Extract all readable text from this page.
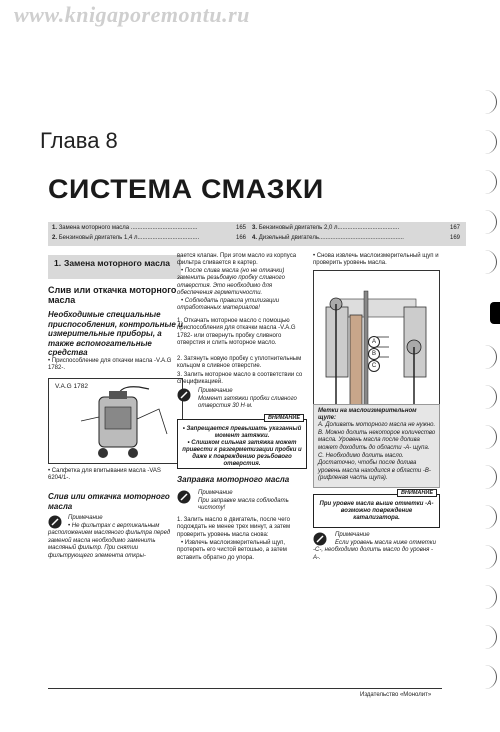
www.knigaporemontu.ru
Глава 8
СИСТЕМА СМАЗКИ
1. Замена моторного масла ........................................	165
2. Бензиновый двигатель 1,4 л.....................................	166
3. Бензиновый двигатель 2,0 л.....................................	167
4. Дизельный двигатель...................................................	169
1. Замена моторного масла
Слив или откачка моторного масла
Необходимые специальные приспособления, контрольные и измерительные приборы, а также вспомогательные средства
• Приспособление для откачки масла -V.A.G 1782-.
V.A.G 1782
• Салфетка для впитывания масла -VAS 6204/1-.
Слив или откачка моторного масла
Примечание
• Не фильтрах с вертикальным расположением масляного фильтра перед заменой масла необходимо заменить масляный фильтр. При снятии фильтрующего элемента откры-
вается клапан. При этом масло из корпуса фильтра сливается в картер.
• После слива масла (но не откачки) заменить резьбовую пробку сливного отверстия. Это необходимо для обеспечения герметичности.
• Соблюдать правила утилизации отработанных материалов!
1. Откачать моторное масло с помощью приспособления для откачки масла -V.A.G 1782- или отвернуть пробку сливного отверстия и слить моторное масло.
2. Затянуть новую пробку с уплотнительным кольцом в сливное отверстие.
3. Залить моторное масло в соответствии со спецификацией.
Примечание
Момент затяжки пробки сливного отверстия 30 Н·м.
ВНИМАНИЕ
• Запрещается превышать указанный момент затяжки.
• Слишком сильная затяжка может привести к разгерметизации пробки и даже к повреждению резьбового отверстия.
Заправка моторного масла
Примечание
При заправке масла соблюдать чистоту!
1. Залить масло в двигатель, после чего подождать не менее трех минут, а затем проверить уровень масла снова:
• Извлечь маслоизмерительный щуп, протереть его чистой ветошью, а затем вставить обратно до упора.
• Снова извлечь маслоизмерительный щуп и проверить уровень масла.
A
B
C
Метки на маслоизмерительном щупе:
A. Доливать моторного масла не нужно.
B. Можно долить некоторое количество масла. Уровень масла после долива может доходить до области -A- щупа.
C. Необходимо долить масло. Достаточно, чтобы после долива уровень масла находился в области -B- (рифленая часть щупа).
ВНИМАНИЕ
При уровне масла выше отметки -A- возможно повреждение катализатора.
Примечание
Если уровень масла ниже отметки -C-, необходимо долить масло до уровня -A-.
Издательство «Монолит»
